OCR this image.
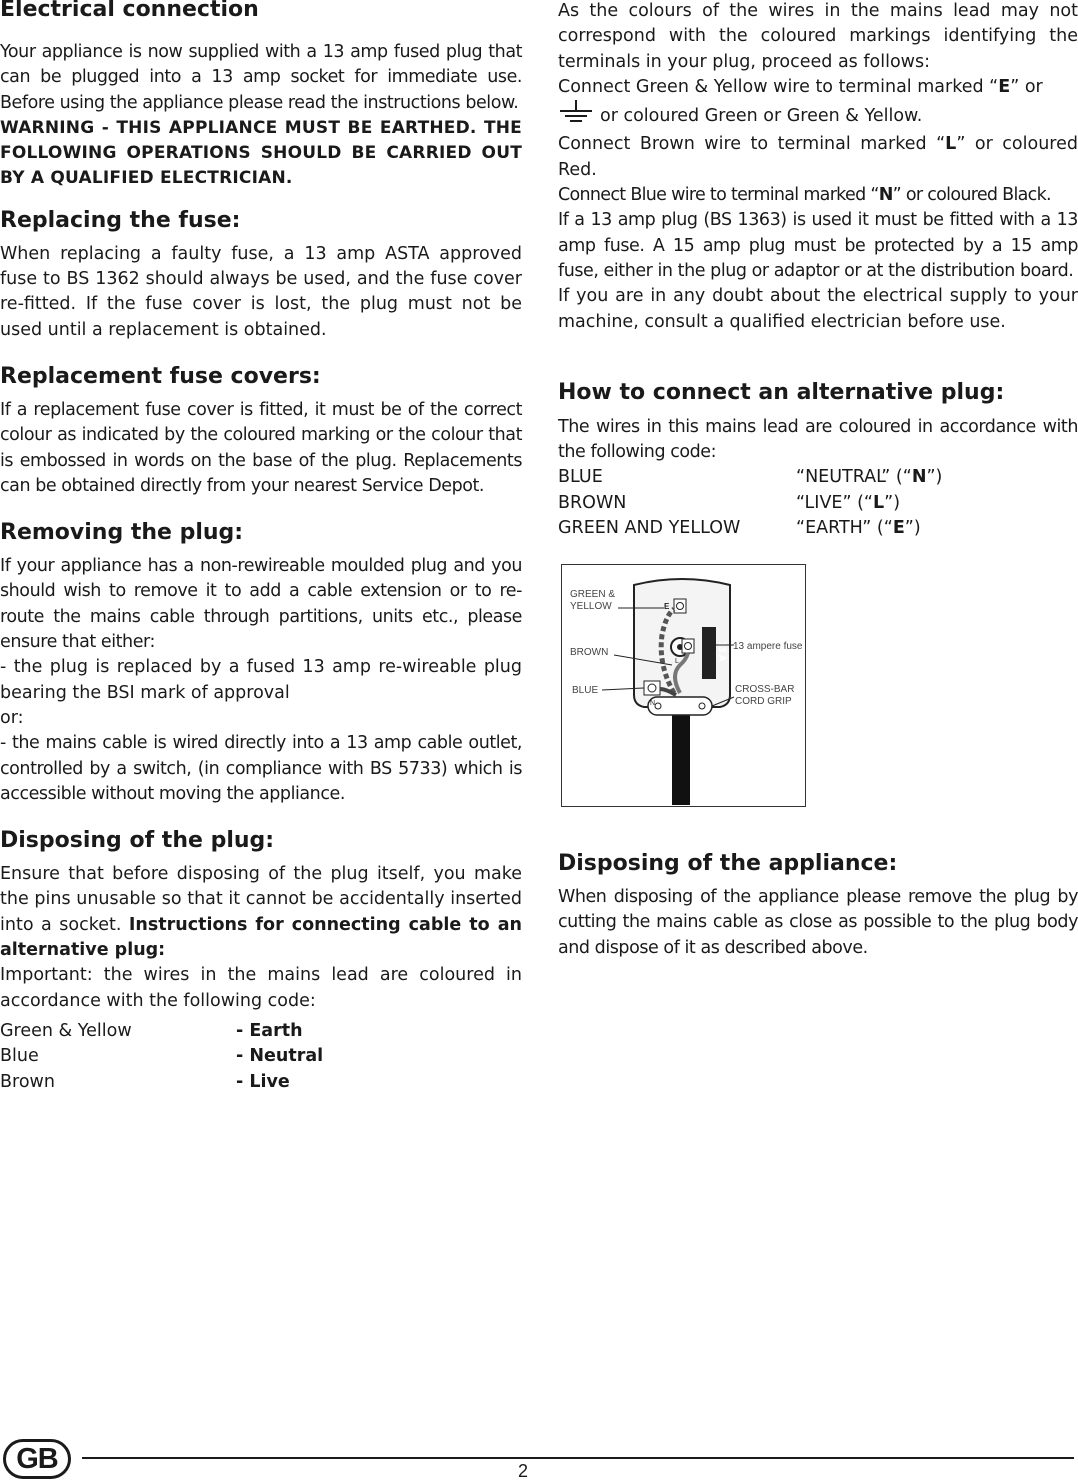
Electrical connection

Your appliance is now supplied with a 13 amp fused plug that can be plugged into a 13 amp socket for immediate use. Before using the appliance please read the instructions below.

WARNING - THIS APPLIANCE MUST BE EARTHED. THE FOLLOWING OPERATIONS SHOULD BE CARRIED OUT BY A QUALIFIED ELECTRICIAN.

Replacing the fuse:

When replacing a faulty fuse, a 13 amp ASTA approved fuse to BS 1362 should always be used, and the fuse cover re-fitted. If the fuse cover is lost, the plug must not be used until a replacement is obtained.

Replacement fuse covers:

If a replacement fuse cover is fitted, it must be of the correct colour as indicated by the coloured marking or the colour that is embossed in words on the base of the plug. Replacements can be obtained directly from your nearest Service Depot.

Removing the plug:

If your appliance has a non-rewireable moulded plug and you should wish to remove it to add a cable extension or to re-route the mains cable through partitions, units etc., please ensure that either:

- the plug is replaced by a fused 13 amp re-wireable plug bearing the BSI mark of approval

or:

- the mains cable is wired directly into a 13 amp cable outlet, controlled by a switch, (in compliance with BS 5733) which is accessible without moving the appliance.

Disposing of the plug:

Ensure that before disposing of the plug itself, you make the pins unusable so that it cannot be accidentally inserted into a socket. Instructions for connecting cable to an alternative plug:

Important: the wires in the mains lead are coloured in accordance with the following code:

Green & Yellow	- Earth
Blue	- Neutral
Brown	- Live

As the colours of the wires in the mains lead may not correspond with the coloured markings identifying the terminals in your plug, proceed as follows:

Connect Green & Yellow wire to terminal marked “E” or
or coloured Green or Green & Yellow.

Connect Brown wire to terminal marked “L” or coloured Red.

Connect Blue wire to terminal marked “N” or coloured Black.

If a 13 amp plug (BS 1363) is used it must be fitted with a 13 amp fuse. A 15 amp plug must be protected by a 15 amp fuse, either in the plug or adaptor or at the distribution board.

If you are in any doubt about the electrical supply to your machine, consult a qualified electrician before use.

How to connect an alternative plug:

The wires in this mains lead are coloured in accordance with the following code:

BLUE	“NEUTRAL” (“N”)
BROWN	“LIVE” (“L”)
GREEN AND YELLOW	“EARTH” (“E”)
E
L	13 A
N
GREEN &
YELLOW
BROWN
BLUE
13 ampere fuse
CROSS-BAR
CORD GRIP
Disposing of the appliance:

When disposing of the appliance please remove the plug by cutting the mains cable as close as possible to the plug body and dispose of it as described above.

GB	2
